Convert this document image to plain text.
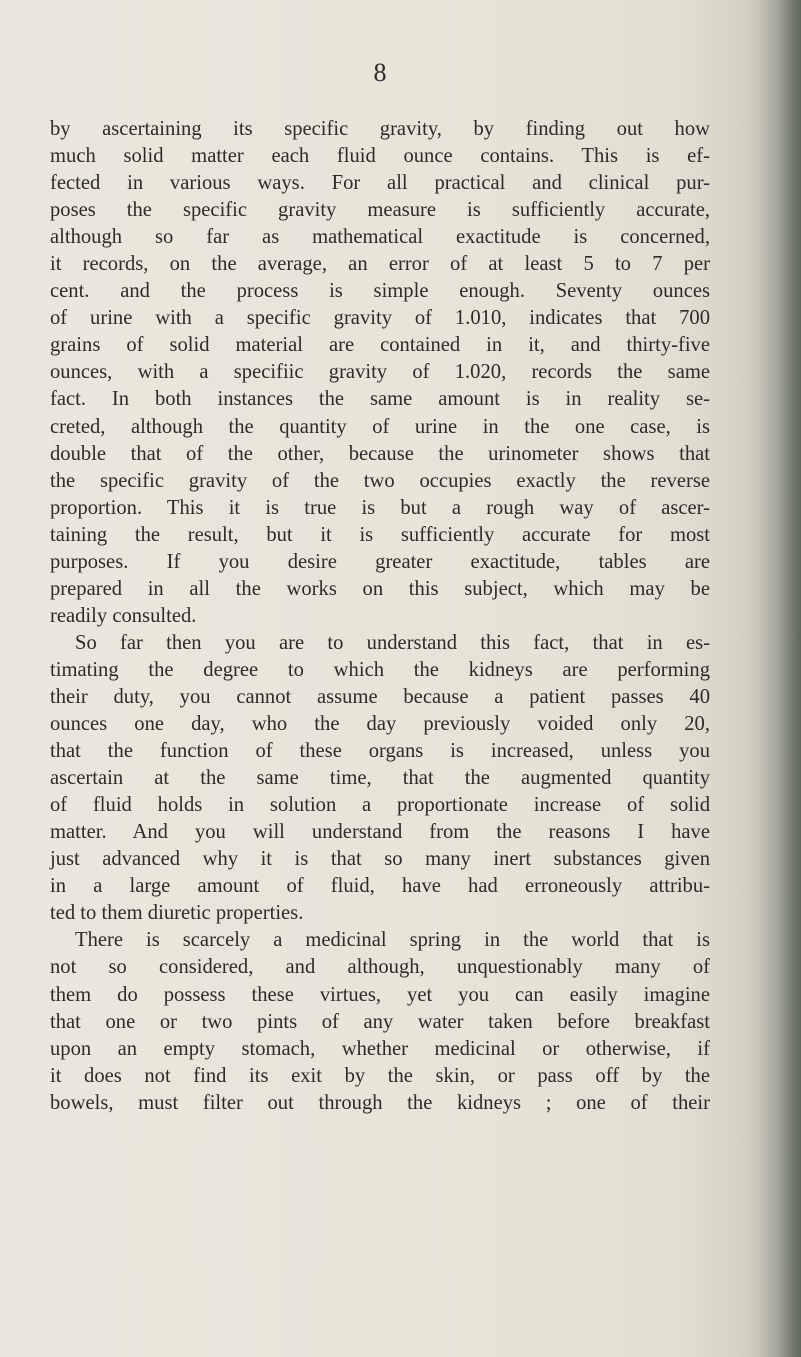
8

by ascertaining its specific gravity, by finding out how
much solid matter each fluid ounce contains. This is ef-
fected in various ways. For all practical and clinical pur-
poses the specific gravity measure is sufficiently accurate,
although so far as mathematical exactitude is concerned,
it records, on the average, an error of at least 5 to 7 per
cent. and the process is simple enough. Seventy ounces
of urine with a specific gravity of 1.010, indicates that 700
grains of solid material are contained in it, and thirty-five
ounces, with a specifiic gravity of 1.020, records the same
fact. In both instances the same amount is in reality se-
creted, although the quantity of urine in the one case, is
double that of the other, because the urinometer shows that
the specific gravity of the two occupies exactly the reverse
proportion. This it is true is but a rough way of ascer-
taining the result, but it is sufficiently accurate for most
purposes. If you desire greater exactitude, tables are
prepared in all the works on this subject, which may be
readily consulted.
So far then you are to understand this fact, that in es-
timating the degree to which the kidneys are performing
their duty, you cannot assume because a patient passes 40
ounces one day, who the day previously voided only 20,
that the function of these organs is increased, unless you
ascertain at the same time, that the augmented quantity
of fluid holds in solution a proportionate increase of solid
matter. And you will understand from the reasons I have
just advanced why it is that so many inert substances given
in a large amount of fluid, have had erroneously attribu-
ted to them diuretic properties.
There is scarcely a medicinal spring in the world that is
not so considered, and although, unquestionably many of
them do possess these virtues, yet you can easily imagine
that one or two pints of any water taken before breakfast
upon an empty stomach, whether medicinal or otherwise, if
it does not find its exit by the skin, or pass off by the
bowels, must filter out through the kidneys ; one of their
